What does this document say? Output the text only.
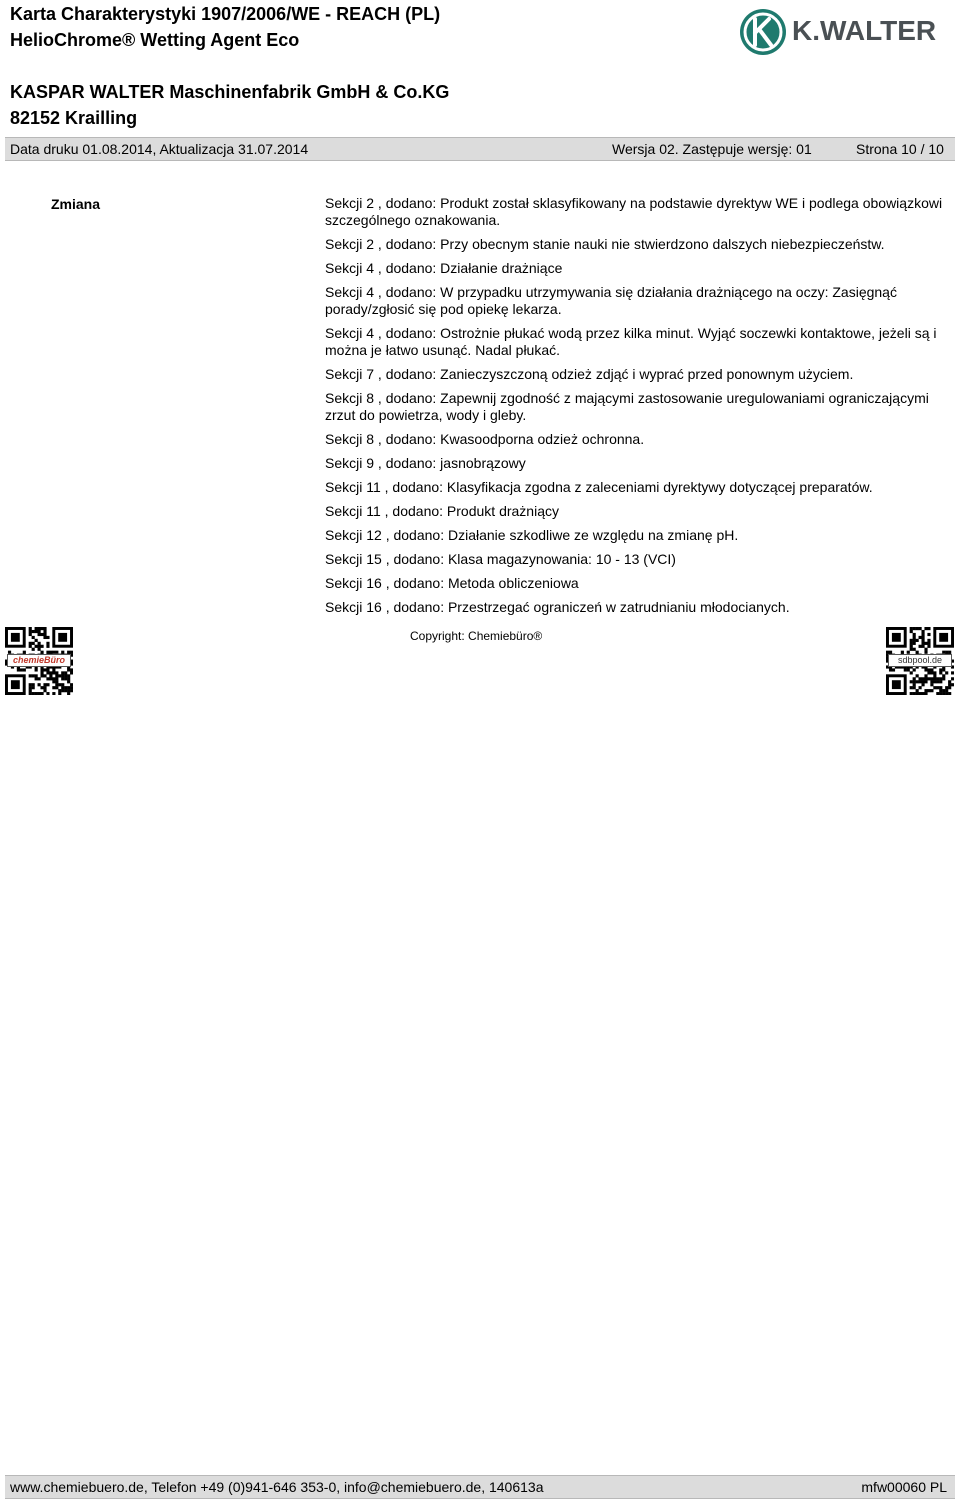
Karta Charakterystyki 1907/2006/WE - REACH (PL)
HelioChrome® Wetting Agent Eco
KASPAR WALTER Maschinenfabrik GmbH & Co.KG
82152 Krailling
K.WALTER
Data druku 01.08.2014, Aktualizacja 31.07.2014	Wersja 02. Zastępuje wersję: 01	Strona 10 / 10
Zmiana	Sekcji 2 , dodano: Produkt został sklasyfikowany na podstawie dyrektyw WE i podlega obowiązkowi szczególnego oznakowania.
Sekcji 2 , dodano: Przy obecnym stanie nauki nie stwierdzono dalszych niebezpieczeństw.
Sekcji 4 , dodano: Działanie drażniące
Sekcji 4 , dodano: W przypadku utrzymywania się działania drażniącego na oczy: Zasięgnąć porady/zgłosić się pod opiekę lekarza.
Sekcji 4 , dodano: Ostrożnie płukać wodą przez kilka minut. Wyjąć soczewki kontaktowe, jeżeli są i można je łatwo usunąć. Nadal płukać.
Sekcji 7 , dodano: Zanieczyszczoną odzież zdjąć i wyprać przed ponownym użyciem.
Sekcji 8 , dodano: Zapewnij zgodność z mającymi zastosowanie uregulowaniami ograniczającymi zrzut do powietrza, wody i gleby.
Sekcji 8 , dodano: Kwasoodporna odzież ochronna.
Sekcji 9 , dodano: jasnobrązowy
Sekcji 11 , dodano: Klasyfikacja zgodna z zaleceniami dyrektywy dotyczącej preparatów.
Sekcji 11 , dodano: Produkt drażniący
Sekcji 12 , dodano: Działanie szkodliwe ze względu na zmianę pH.
Sekcji 15 , dodano: Klasa magazynowania: 10 - 13 (VCI)
Sekcji 16 , dodano: Metoda obliczeniowa
Sekcji 16 , dodano: Przestrzegać ograniczeń w zatrudnianiu młodocianych.
chemieBüro
Copyright: Chemiebüro®
sdbpool.de
www.chemiebuero.de, Telefon +49 (0)941-646 353-0, info@chemiebuero.de, 140613a	mfw00060 PL
